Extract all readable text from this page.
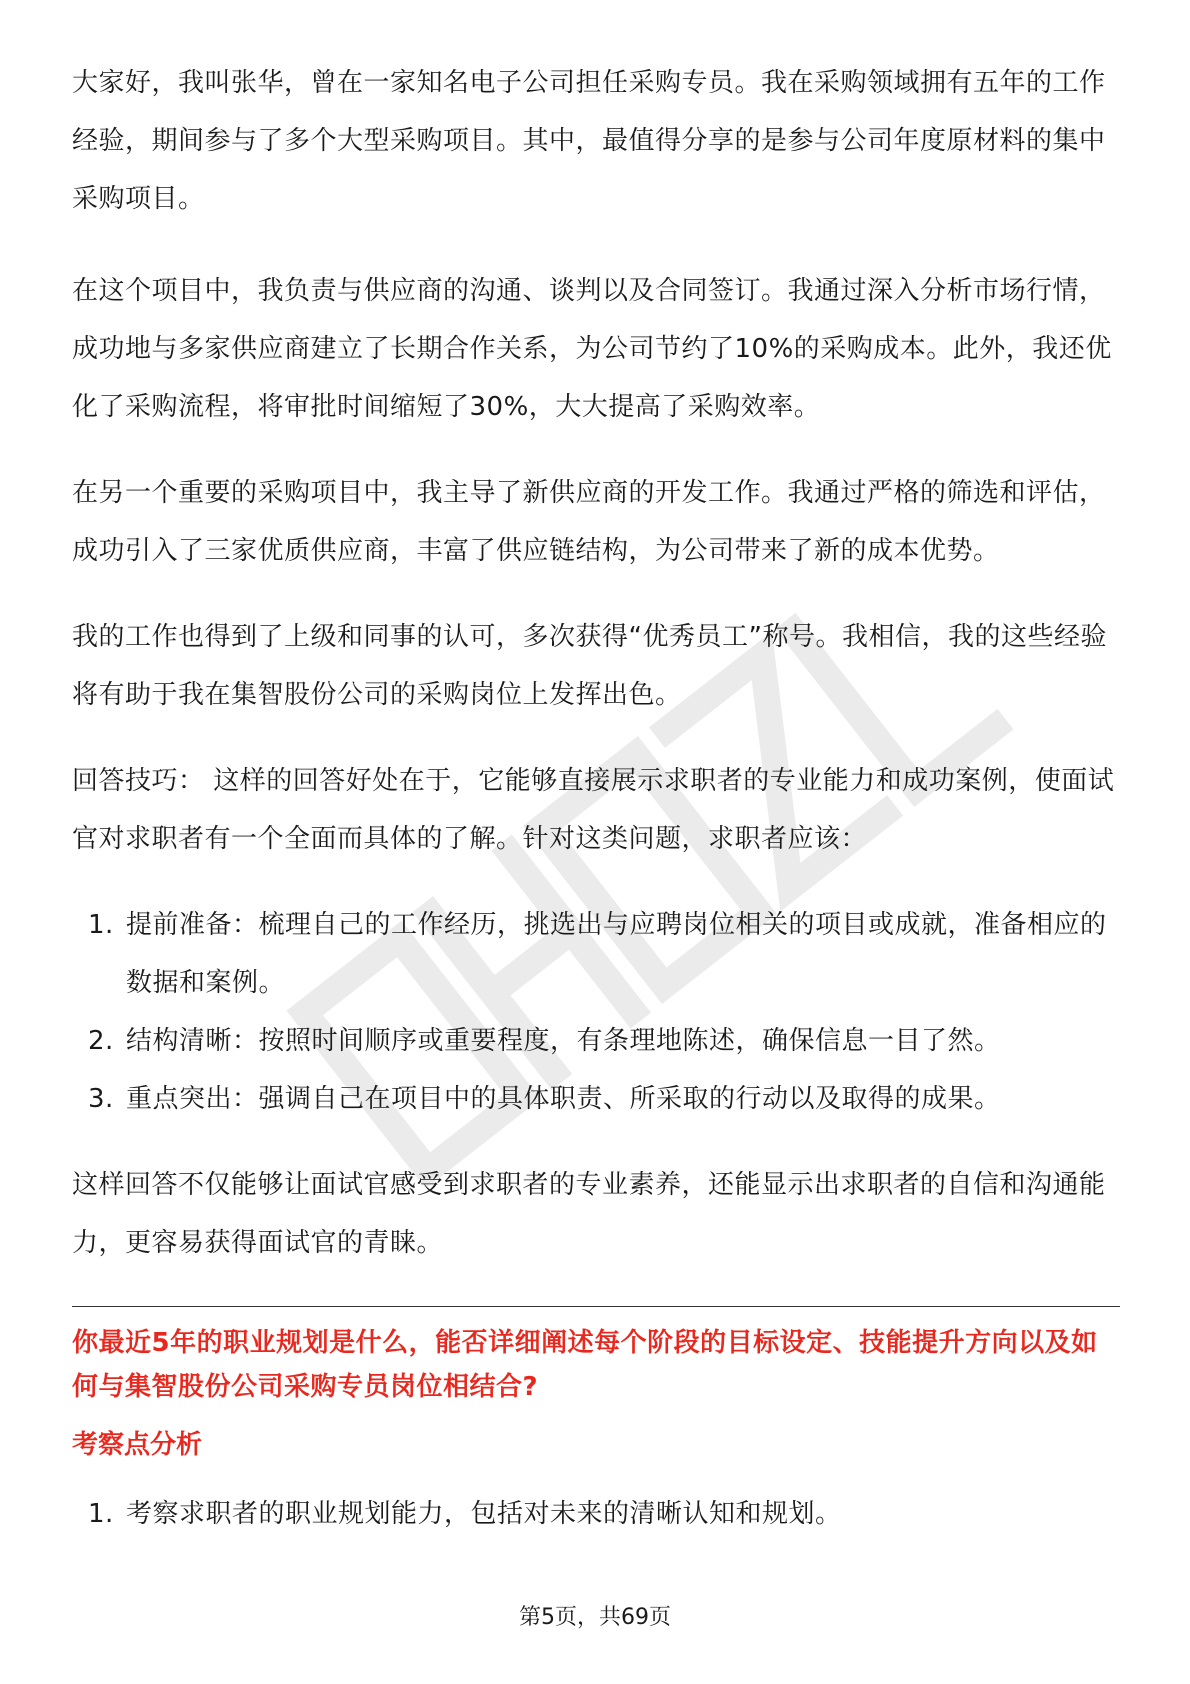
大家好，我叫张华，曾在一家知名电子公司担任采购专员。我在采购领域拥有五年的工作经验，期间参与了多个大型采购项目。其中，最值得分享的是参与公司年度原材料的集中采购项目。

在这个项目中，我负责与供应商的沟通、谈判以及合同签订。我通过深入分析市场行情，成功地与多家供应商建立了长期合作关系，为公司节约了10%的采购成本。此外，我还优化了采购流程，将审批时间缩短了30%，大大提高了采购效率。

在另一个重要的采购项目中，我主导了新供应商的开发工作。我通过严格的筛选和评估，成功引入了三家优质供应商，丰富了供应链结构，为公司带来了新的成本优势。

我的工作也得到了上级和同事的认可，多次获得“优秀员工”称号。我相信，我的这些经验将有助于我在集智股份公司的采购岗位上发挥出色。

回答技巧： 这样的回答好处在于，它能够直接展示求职者的专业能力和成功案例，使面试官对求职者有一个全面而具体的了解。针对这类问题，求职者应该：

1. 提前准备：梳理自己的工作经历，挑选出与应聘岗位相关的项目或成就，准备相应的数据和案例。
2. 结构清晰：按照时间顺序或重要程度，有条理地陈述，确保信息一目了然。
3. 重点突出：强调自己在项目中的具体职责、所采取的行动以及取得的成果。

这样回答不仅能够让面试官感受到求职者的专业素养，还能显示出求职者的自信和沟通能力，更容易获得面试官的青睐。

你最近5年的职业规划是什么，能否详细阐述每个阶段的目标设定、技能提升方向以及如何与集智股份公司采购专员岗位相结合?

考察点分析
1. 考察求职者的职业规划能力，包括对未来的清晰认知和规划。
第5页，共69页
